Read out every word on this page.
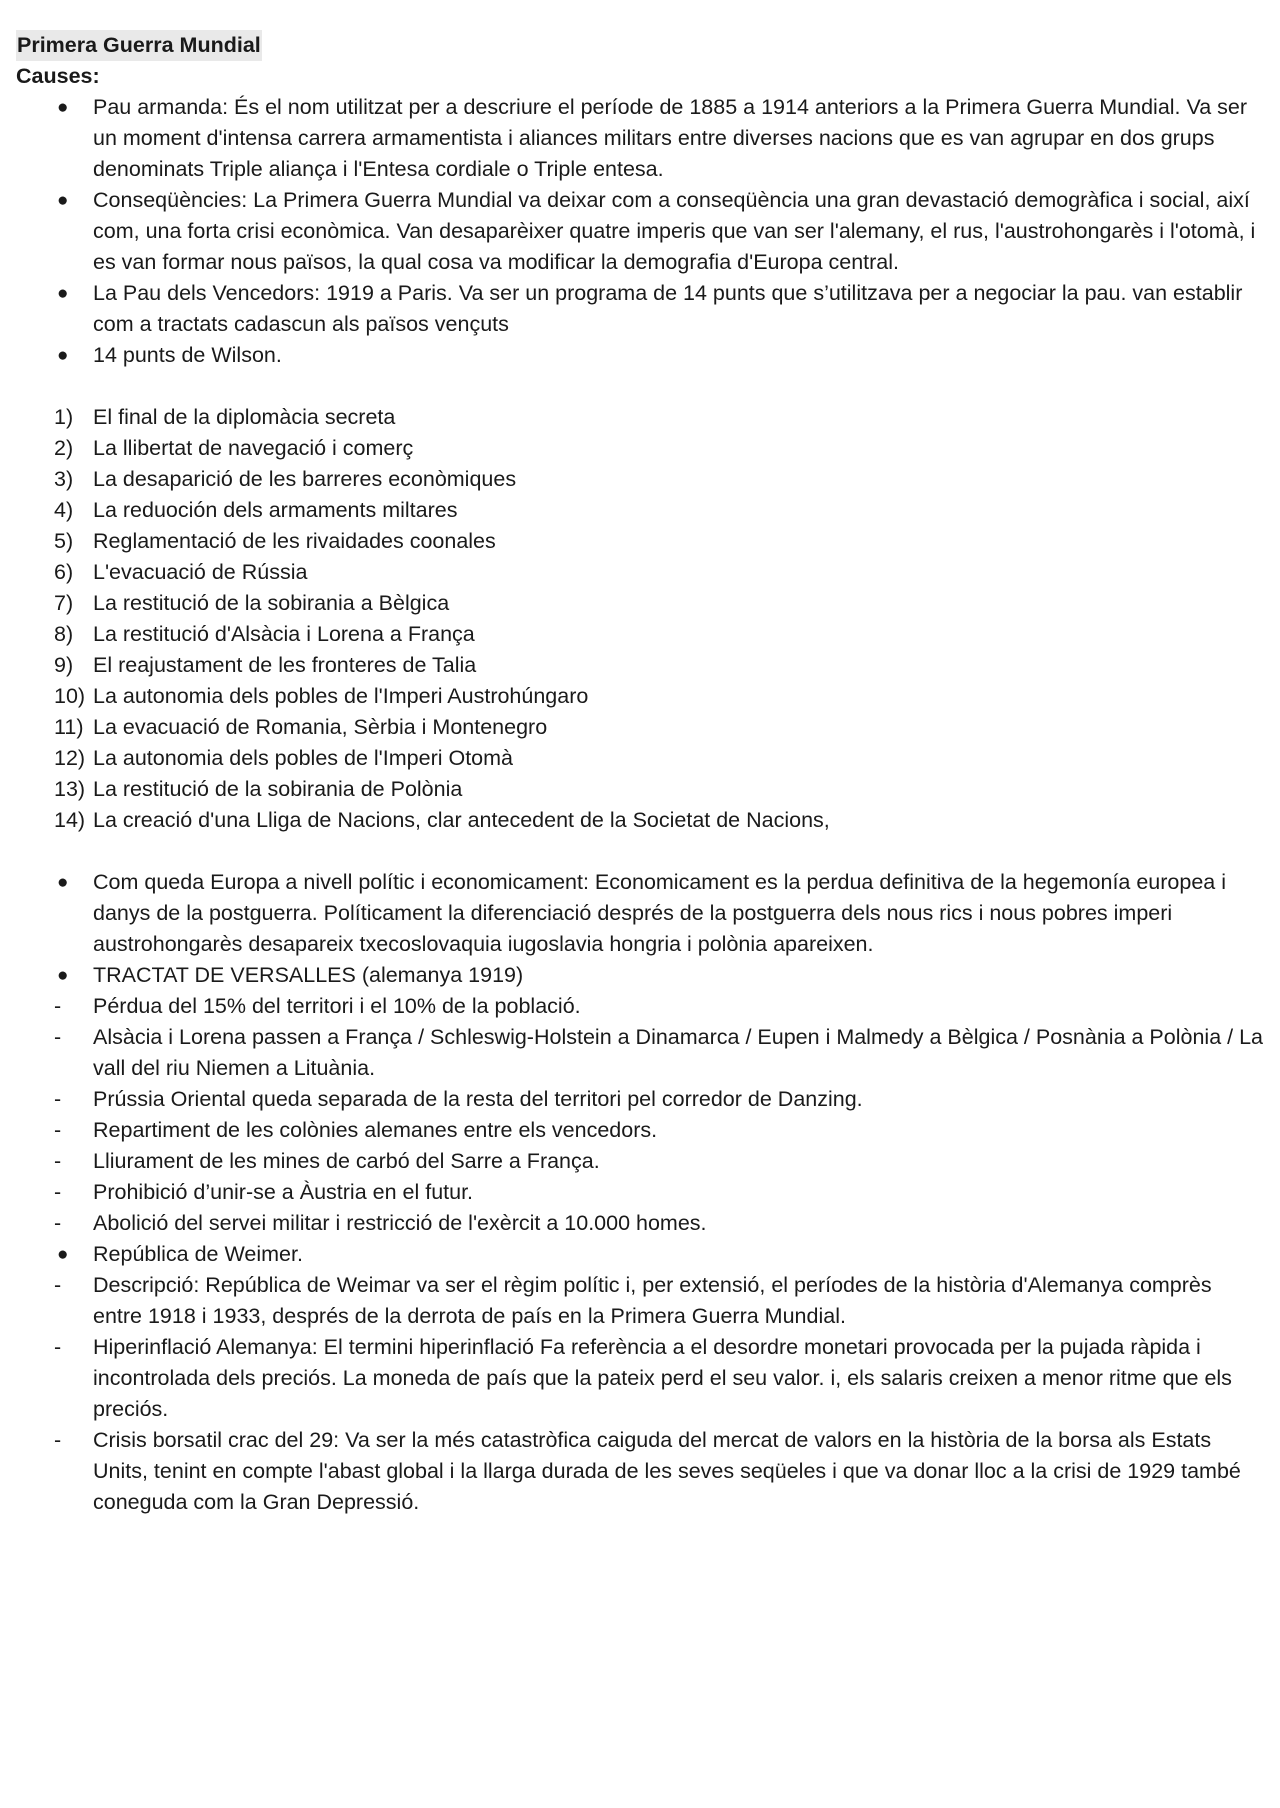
Primera Guerra Mundial

Causes:

● Pau armanda: És el nom utilitzat per a descriure el període de 1885 a 1914 anteriors a la Primera Guerra Mundial. Va ser un moment d'intensa carrera armamentista i aliances militars entre diverses nacions que es van agrupar en dos grups denominats Triple aliança i l'Entesa cordiale o Triple entesa.
● Conseqüències: La Primera Guerra Mundial va deixar com a conseqüència una gran devastació demogràfica i social, així com, una forta crisi econòmica. Van desaparèixer quatre imperis que van ser l'alemany, el rus, l'austrohongarès i l'otomà, i es van formar nous països, la qual cosa va modificar la demografia d'Europa central.
● La Pau dels Vencedors: 1919 a Paris. Va ser un programa de 14 punts que s’utilitzava per a negociar la pau. van establir com a tractats cadascun als països vençuts
● 14 punts de Wilson.
1) El final de la diplomàcia secreta
2) La llibertat de navegació i comerç
3) La desaparició de les barreres econòmiques
4) La reduoción dels armaments miltares
5) Reglamentació de les rivaidades coonales
6) L'evacuació de Rússia
7) La restitució de la sobirania a Bèlgica
8) La restitució d'Alsàcia i Lorena a França
9) El reajustament de les fronteres de Talia
10) La autonomia dels pobles de l'Imperi Austrohúngaro
11) La evacuació de Romania, Sèrbia i Montenegro
12) La autonomia dels pobles de l'Imperi Otomà
13) La restitució de la sobirania de Polònia
14) La creació d'una Lliga de Nacions, clar antecedent de la Societat de Nacions,
● Com queda Europa a nivell polític i economicament: Economicament es la perdua definitiva de la hegemonía europea i danys de la postguerra. Políticament la diferenciació després de la postguerra dels nous rics i nous pobres imperi austrohongarès desapareix txecoslovaquia iugoslavia hongria i polònia apareixen.
● TRACTAT DE VERSALLES (alemanya 1919)
- Pérdua del 15% del territori i el 10% de la població.
- Alsàcia i Lorena passen a França / Schleswig-Holstein a Dinamarca / Eupen i Malmedy a Bèlgica / Posnània a Polònia / La vall del riu Niemen a Lituània.
- Prússia Oriental queda separada de la resta del territori pel corredor de Danzing.
- Repartiment de les colònies alemanes entre els vencedors.
- Lliurament de les mines de carbó del Sarre a França.
- Prohibició d’unir-se a Àustria en el futur.
- Abolició del servei militar i restricció de l'exèrcit a 10.000 homes.
● República de Weimer.
- Descripció: República de Weimar va ser el règim polític i, per extensió, el períodes de la història d'Alemanya comprès entre 1918 i 1933, després de la derrota de país en la Primera Guerra Mundial.
- Hiperinflació Alemanya: El termini hiperinflació Fa referència a el desordre monetari provocada per la pujada ràpida i incontrolada dels preciós. La moneda de país que la pateix perd el seu valor. i, els salaris creixen a menor ritme que els preciós.
- Crisis borsatil crac del 29: Va ser la més catastròfica caiguda del mercat de valors en la història de la borsa als Estats Units, tenint en compte l'abast global i la llarga durada de les seves seqüeles i que va donar lloc a la crisi de 1929 també coneguda com la Gran Depressió.
